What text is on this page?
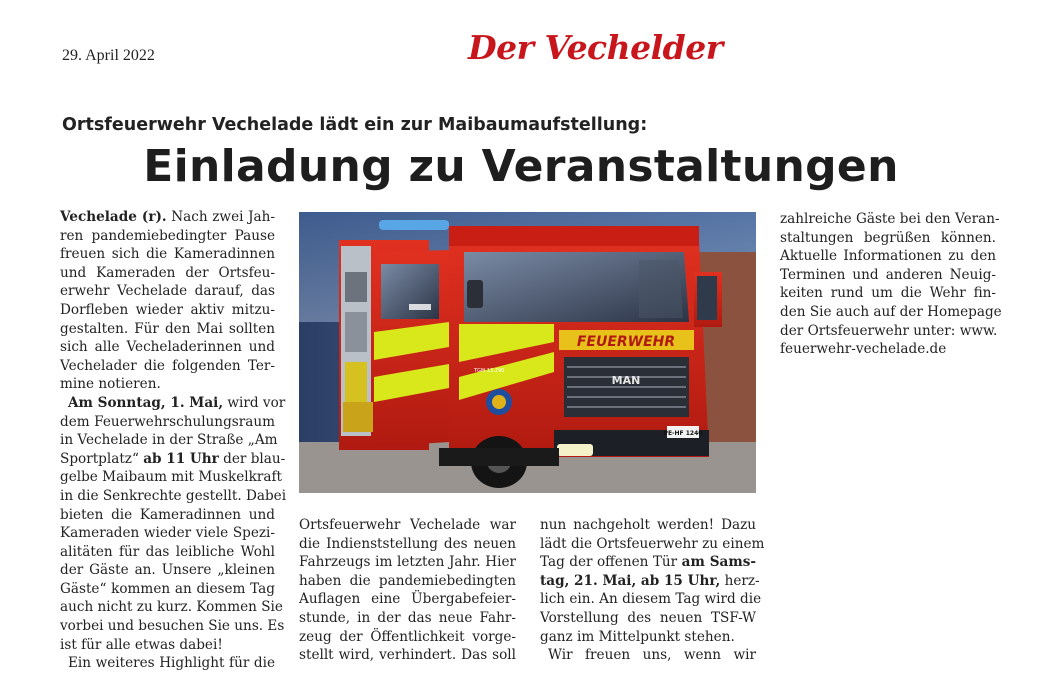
29. April 2022	Der Vechelder
Ortsfeuerwehr Vechelade lädt ein zur Maibaumaufstellung:
Einladung zu Veranstaltungen
Vechelade (r). Nach zwei Jah-
ren pandemiebedingter Pause
freuen sich die Kameradinnen
und Kameraden der Ortsfeu-
erwehr Vechelade darauf, das
Dorfleben wieder aktiv mitzu-
gestalten. Für den Mai sollten
sich alle Vecheladerinnen und
Vechelader die folgenden Ter-
mine notieren.
Am Sonntag, 1. Mai, wird vor
dem Feuerwehrschulungsraum
in Vechelade in der Straße „Am
Sportplatz“ ab 11 Uhr der blau-
gelbe Maibaum mit Muskelkraft
in die Senkrechte gestellt. Dabei
bieten die Kameradinnen und
Kameraden wieder viele Spezi-
alitäten für das leibliche Wohl
der Gäste an. Unsere „kleinen
Gäste“ kommen an diesem Tag
auch nicht zu kurz. Kommen Sie
vorbei und besuchen Sie uns. Es
ist für alle etwas dabei!
Ein weiteres Highlight für die
FEUERWEHR
MAN
TGM 13.290
PE-HF 1240
Ortsfeuerwehr Vechelade war
die Indienststellung des neuen
Fahrzeugs im letzten Jahr. Hier
haben die pandemiebedingten
Auflagen eine Übergabefeier-
stunde, in der das neue Fahr-
zeug der Öffentlichkeit vorge-
stellt wird, verhindert. Das soll
nun nachgeholt werden! Dazu
lädt die Ortsfeuerwehr zu einem
Tag der offenen Tür am Sams-
tag, 21. Mai, ab 15 Uhr, herz-
lich ein. An diesem Tag wird die
Vorstellung des neuen TSF-W
ganz im Mittelpunkt stehen.
Wir freuen uns, wenn wir
zahlreiche Gäste bei den Veran-
staltungen begrüßen können.
Aktuelle Informationen zu den
Terminen und anderen Neuig-
keiten rund um die Wehr fin-
den Sie auch auf der Homepage
der Ortsfeuerwehr unter: www.
feuerwehr-vechelade.de
